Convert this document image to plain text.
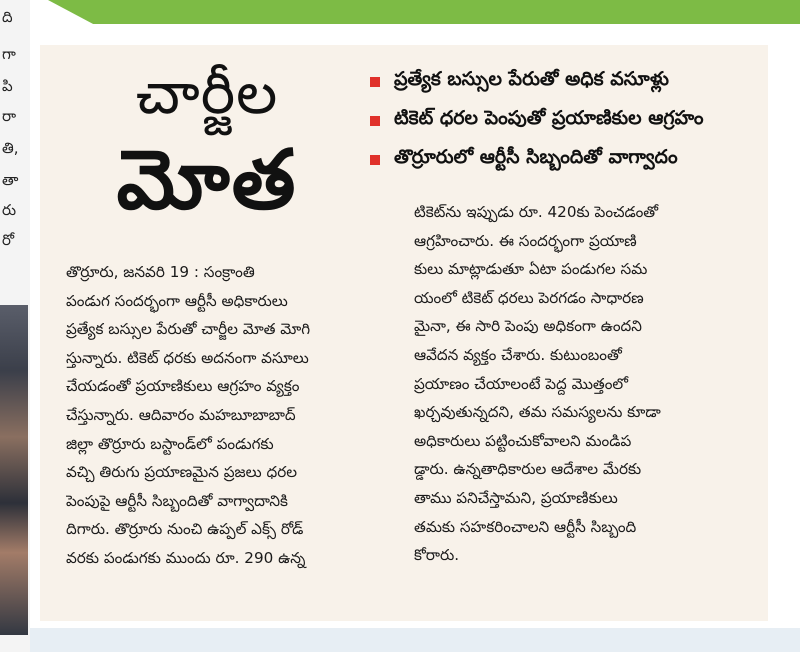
ది
గా
పి
రా
తి,
తా
రు
రో
చార్జీల
మోత
ప్రత్యేక బస్సుల పేరుతో అధిక వసూళ్లు
టికెట్ ధరల పెంపుతో ప్రయాణికుల ఆగ్రహం
తొర్రూరులో ఆర్టీసీ సిబ్బందితో వాగ్వాదం
తొర్రూరు, జనవరి 19 : సంక్రాంతి
పండుగ సందర్భంగా ఆర్టీసీ అధికారులు
ప్రత్యేక బస్సుల పేరుతో చార్జీల మోత మోగి
స్తున్నారు. టికెట్ ధరకు అదనంగా వసూలు
చేయడంతో ప్రయాణికులు ఆగ్రహం వ్యక్తం
చేస్తున్నారు. ఆదివారం మహబూబాబాద్
జిల్లా తొర్రూరు బస్టాండ్‌లో పండుగకు
వచ్చి తిరుగు ప్రయాణమైన ప్రజలు ధరల
పెంపుపై ఆర్టీసీ సిబ్బందితో వాగ్వాదానికి
దిగారు. తొర్రూరు నుంచి ఉప్పల్ ఎక్స్ రోడ్
వరకు పండుగకు ముందు రూ. 290 ఉన్న
టికెట్‌ను ఇప్పుడు రూ. 420కు పెంచడంతో
ఆగ్రహించారు. ఈ సందర్భంగా ప్రయాణి
కులు మాట్లాడుతూ ఏటా పండుగల సమ
యంలో టికెట్ ధరలు పెరగడం సాధారణ
మైనా, ఈ సారి పెంపు అధికంగా ఉందని
ఆవేదన వ్యక్తం చేశారు. కుటుంబంతో
ప్రయాణం చేయాలంటే పెద్ద మొత్తంలో
ఖర్చవుతున్నదని, తమ సమస్యలను కూడా
అధికారులు పట్టించుకోవాలని మండిప
డ్డారు. ఉన్నతాధికారుల ఆదేశాల మేరకు
తాము పనిచేస్తామని, ప్రయాణికులు
తమకు సహకరించాలని ఆర్టీసీ సిబ్బంది
కోరారు.
